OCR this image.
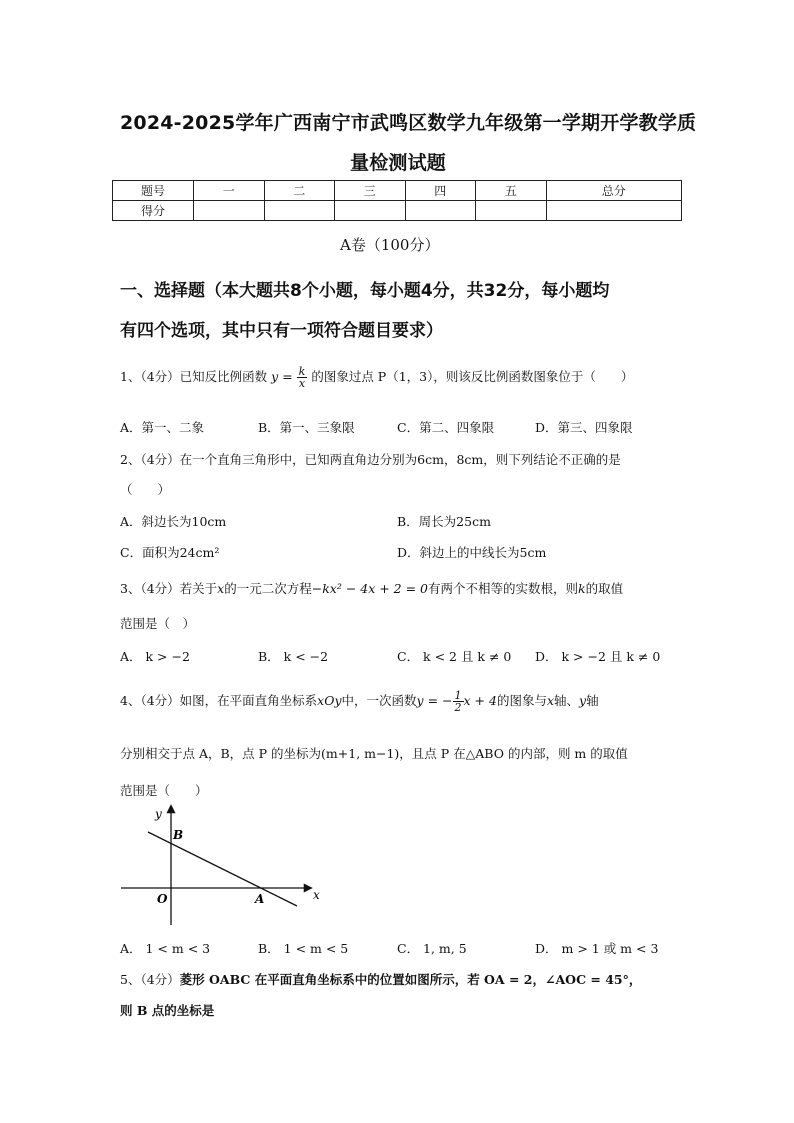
2024-2025学年广西南宁市武鸣区数学九年级第一学期开学教学质
量检测试题
题号	一	二	三	四	五	总分
得分						
A卷（100分）
一、选择题（本大题共8个小题，每小题4分，共32分，每小题均
有四个选项，其中只有一项符合题目要求）
1、（4分）已知反比例函数 $y = \frac{k}{x}$ 的图象过点 P（1，3），则该反比例函数图象位于（　　）
A．第一、二象	B．第一、三象限	C．第二、四象限	D．第三、四象限
2、（4分）在一个直角三角形中，已知两直角边分别为6cm，8cm，则下列结论不正确的是
（　　）
A．斜边长为10cm	B．周长为25cm
C．面积为24cm²	D．斜边上的中线长为5cm
3、（4分）若关于x的一元二次方程−kx² − 4x + 2 = 0有两个不相等的实数根，则k的取值
范围是（　）
A． k > −2	B． k < −2	C． k < 2 且 k ≠ 0 D． k > −2 且 k ≠ 0
4、（4分）如图，在平面直角坐标系xOy中，一次函数y = − $\frac{1}{2}$ x + 4的图象与x轴、y轴
分别相交于点 A，B，点 P 的坐标为(m+1, m−1)，且点 P 在△ABO 的内部，则 m 的取值
范围是（　　）
y
x
B
O	A
A． 1 < m < 3	B． 1 < m < 5	C． 1, m, 5	D． m > 1 或 m < 3
5、（4分）菱形 OABC 在平面直角坐标系中的位置如图所示，若 OA = 2，∠AOC = 45°，
则 B 点的坐标是
